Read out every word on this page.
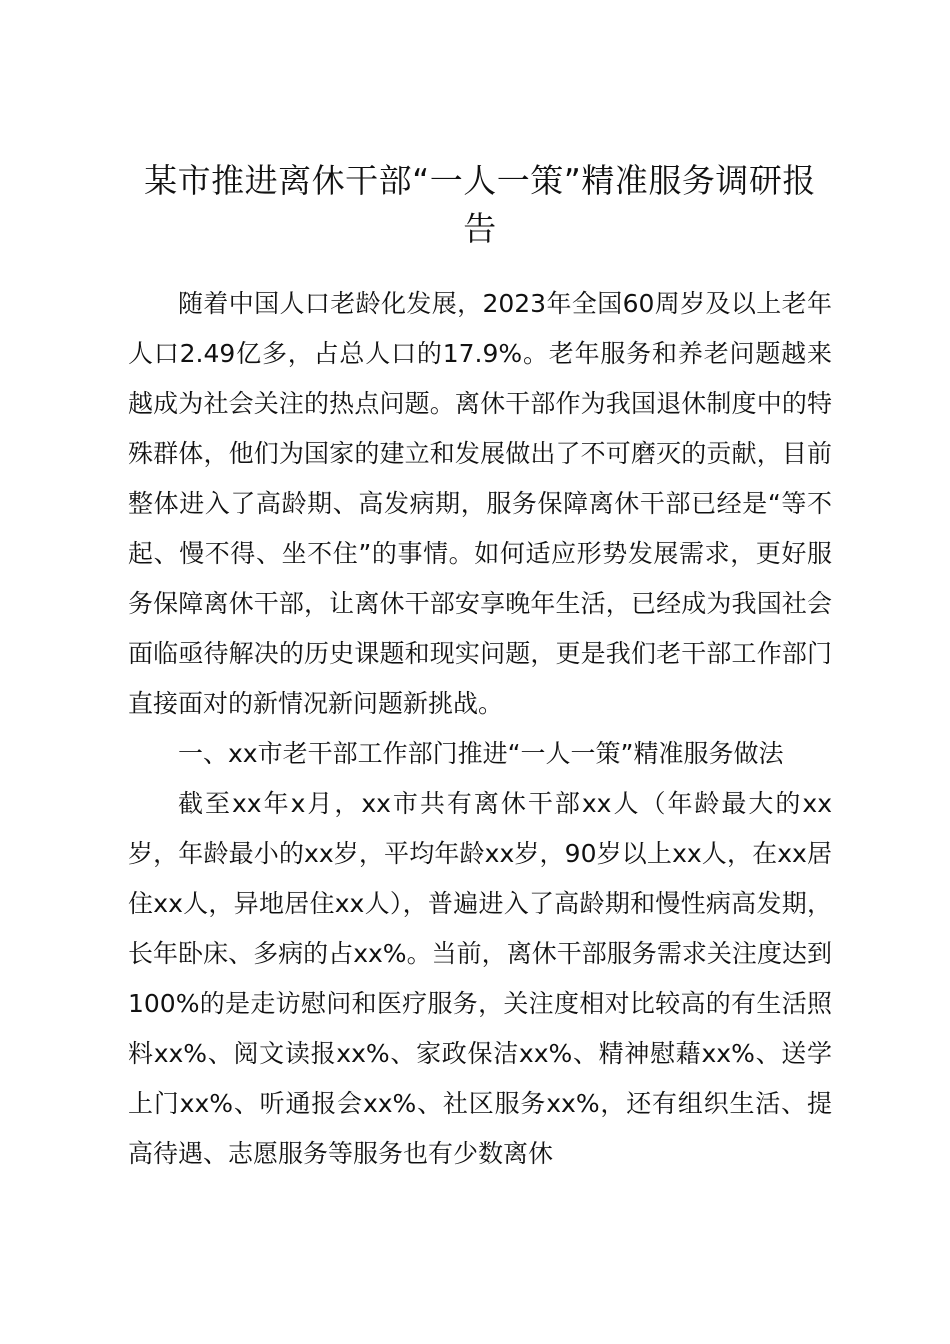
某市推进离休干部“一人一策”精准服务调研报告

随着中国人口老龄化发展，2023年全国60周岁及以上老年人口2.49亿多，占总人口的17.9%。老年服务和养老问题越来越成为社会关注的热点问题。离休干部作为我国退休制度中的特殊群体，他们为国家的建立和发展做出了不可磨灭的贡献，目前整体进入了高龄期、高发病期，服务保障离休干部已经是“等不起、慢不得、坐不住”的事情。如何适应形势发展需求，更好服务保障离休干部，让离休干部安享晚年生活，已经成为我国社会面临亟待解决的历史课题和现实问题，更是我们老干部工作部门直接面对的新情况新问题新挑战。

一、xx市老干部工作部门推进“一人一策”精准服务做法

截至xx年x月，xx市共有离休干部xx人（年龄最大的xx岁，年龄最小的xx岁，平均年龄xx岁，90岁以上xx人，在xx居住xx人，异地居住xx人），普遍进入了高龄期和慢性病高发期，长年卧床、多病的占xx%。当前，离休干部服务需求关注度达到100%的是走访慰问和医疗服务，关注度相对比较高的有生活照料xx%、阅文读报xx%、家政保洁xx%、精神慰藉xx%、送学上门xx%、听通报会xx%、社区服务xx%，还有组织生活、提高待遇、志愿服务等服务也有少数离休
